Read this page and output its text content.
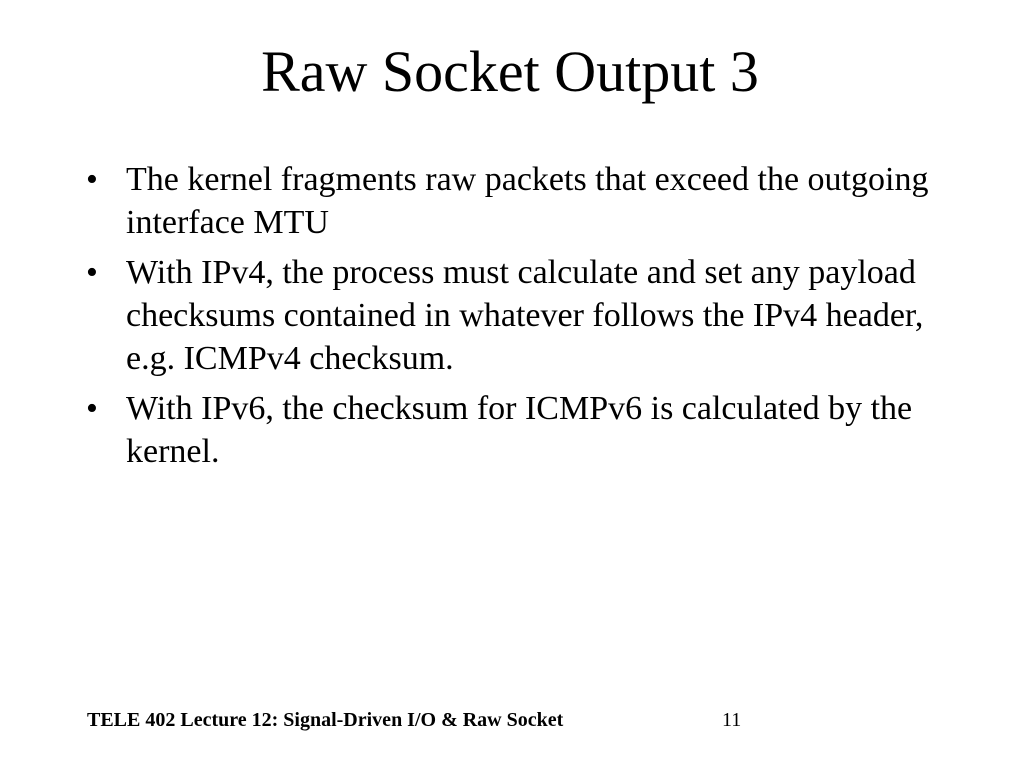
Raw Socket Output 3
• The kernel fragments raw packets that exceed the outgoing interface MTU
• With IPv4, the process must calculate and set any payload checksums contained in whatever follows the IPv4 header, e.g. ICMPv4 checksum.
• With IPv6, the checksum for ICMPv6 is calculated by the kernel.
TELE 402 Lecture 12: Signal-Driven I/O & Raw Socket	11
